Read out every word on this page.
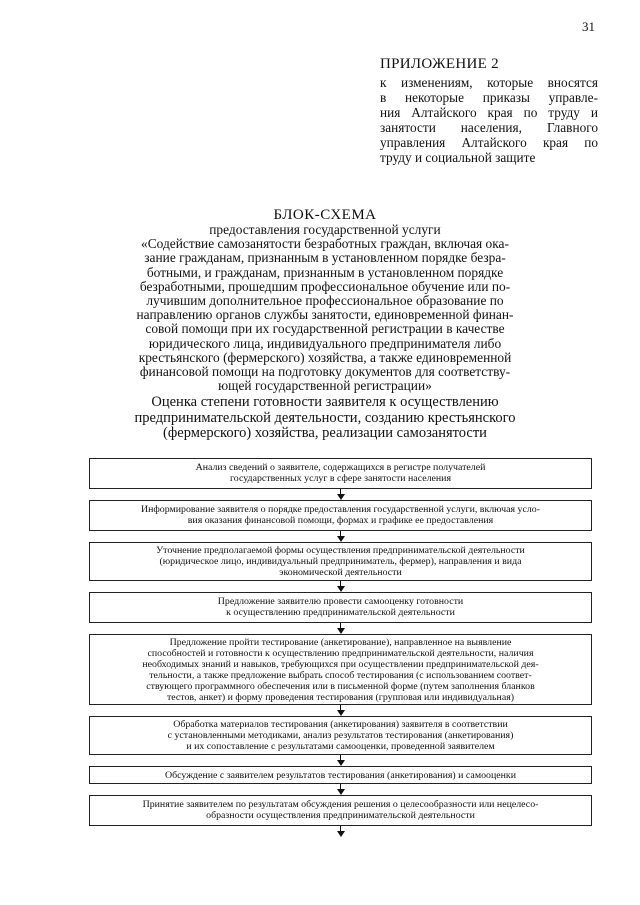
31
ПРИЛОЖЕНИЕ 2
к изменениям, которые вносятся
в некоторые приказы управле-
ния Алтайского края по труду и
занятости населения, Главного
управления Алтайского края по
труду и социальной защите
БЛОК-СХЕМА
предоставления государственной услуги
«Содействие самозанятости безработных граждан, включая ока-
зание гражданам, признанным в установленном порядке безра-
ботными, и гражданам, признанным в установленном порядке
безработными, прошедшим профессиональное обучение или по-
лучившим дополнительное профессиональное образование по
направлению органов службы занятости, единовременной финан-
совой помощи при их государственной регистрации в качестве
юридического лица, индивидуального предпринимателя либо
крестьянского (фермерского) хозяйства, а также единовременной
финансовой помощи на подготовку документов для соответству-
ющей государственной регистрации»
Оценка степени готовности заявителя к осуществлению
предпринимательской деятельности, созданию крестьянского
(фермерского) хозяйства, реализации самозанятости
Анализ сведений о заявителе, содержащихся в регистре получателей
государственных услуг в сфере занятости населения
Информирование заявителя о порядке предоставления государственной услуги, включая усло-
вия оказания финансовой помощи, формах и графике ее предоставления
Уточнение предполагаемой формы осуществления предпринимательской деятельности
(юридическое лицо, индивидуальный предприниматель, фермер), направления и вида
экономической деятельности
Предложение заявителю провести самооценку готовности
к осуществлению предпринимательской деятельности
Предложение пройти тестирование (анкетирование), направленное на выявление
способностей и готовности к осуществлению предпринимательской деятельности, наличия
необходимых знаний и навыков, требующихся при осуществлении предпринимательской дея-
тельности, а также предложение выбрать способ тестирования (с использованием соответ-
ствующего программного обеспечения или в письменной форме (путем заполнения бланков
тестов, анкет) и форму проведения тестирования (групповая или индивидуальная)
Обработка материалов тестирования (анкетирования) заявителя в соответствии
с установленными методиками, анализ результатов тестирования (анкетирования)
и их сопоставление с результатами самооценки, проведенной заявителем
Обсуждение с заявителем результатов тестирования (анкетирования) и самооценки
Принятие заявителем по результатам обсуждения решения о целесообразности или нецелесо-
образности осуществления предпринимательской деятельности
